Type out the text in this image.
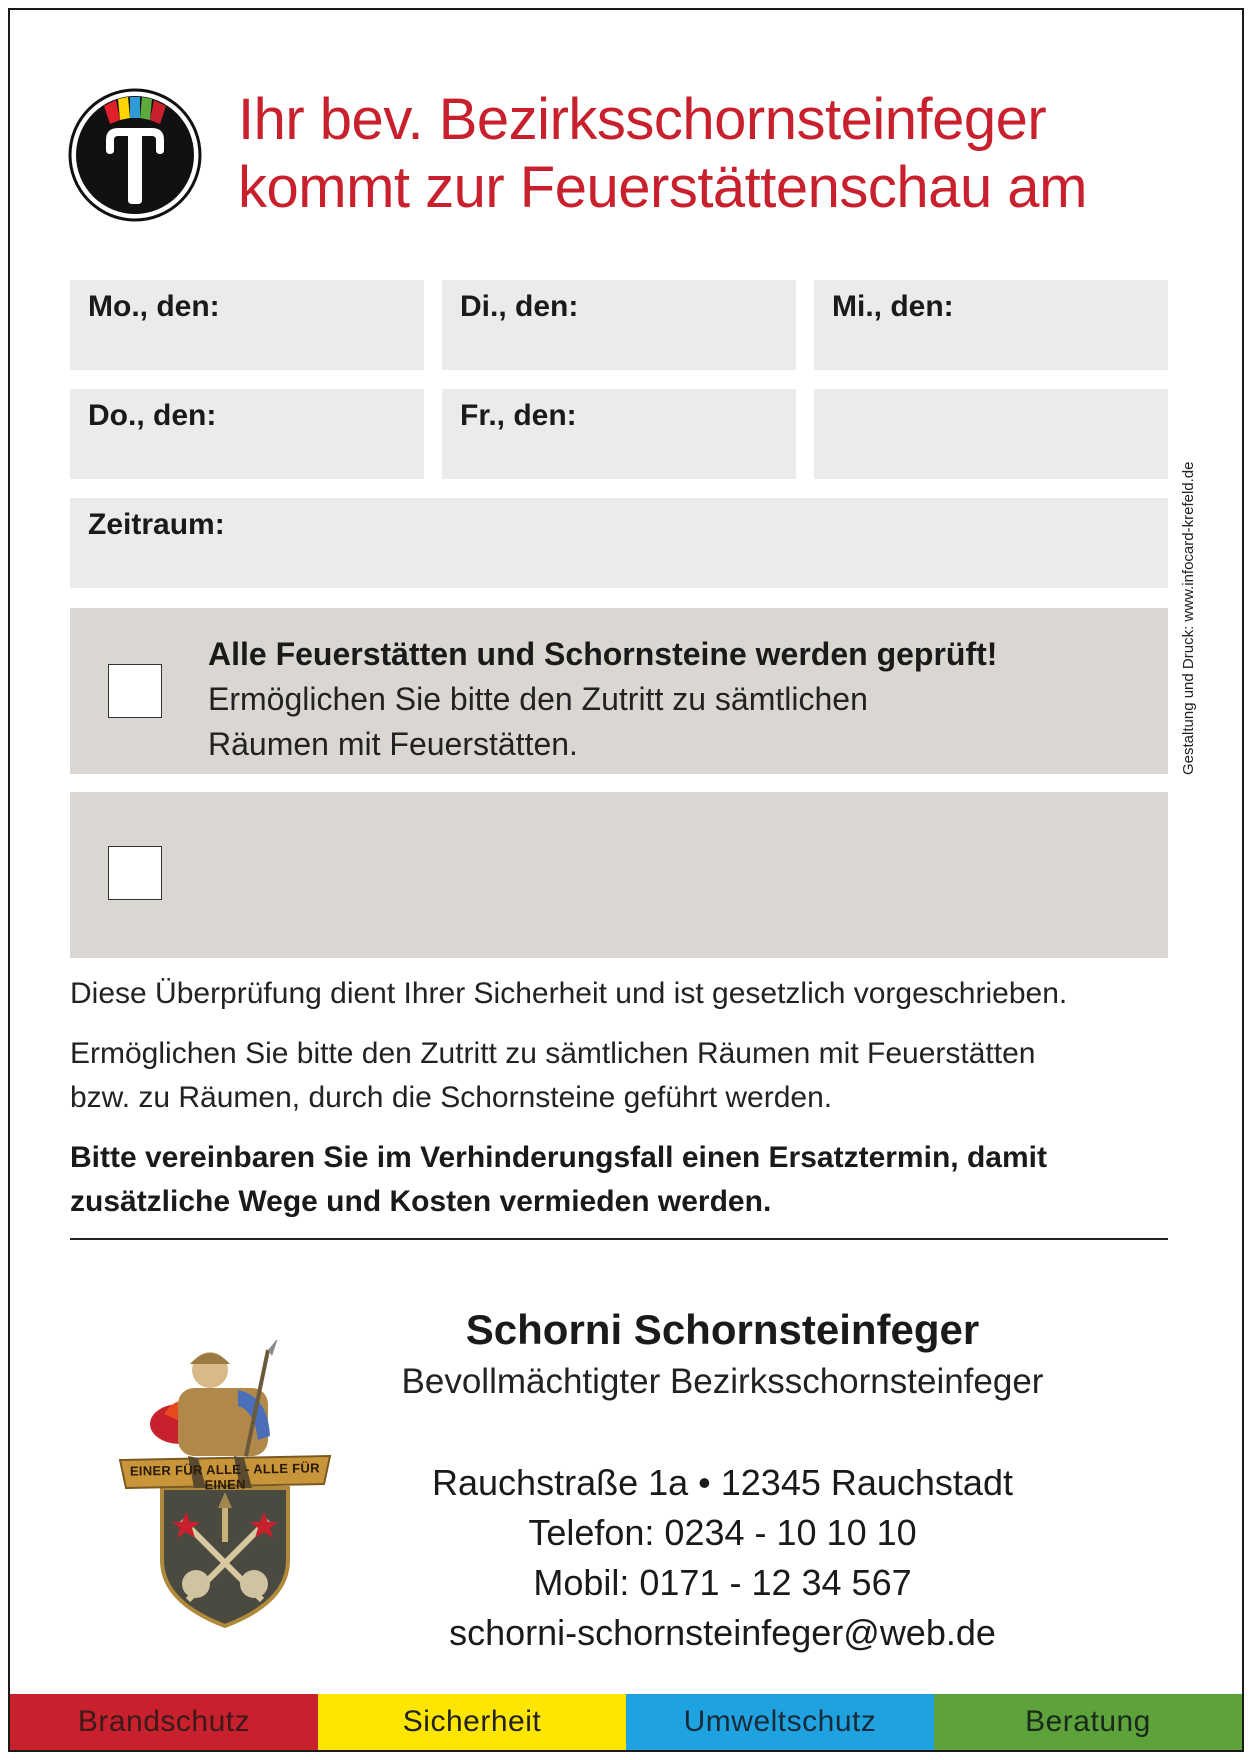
Ihr bev. Bezirksschornsteinfeger
kommt zur Feuerstättenschau am
Mo., den:	Di., den:	Mi., den:
Do., den:	Fr., den:
Zeitraum:
Alle Feuerstätten und Schornsteine werden geprüft!
Ermöglichen Sie bitte den Zutritt zu sämtlichen
Räumen mit Feuerstätten.	Gestaltung und Druck: www.infocard-krefeld.de

Diese Überprüfung dient Ihrer Sicherheit und ist gesetzlich vorgeschrieben.

Ermöglichen Sie bitte den Zutritt zu sämtlichen Räumen mit Feuerstätten
bzw. zu Räumen, durch die Schornsteine geführt werden.

Bitte vereinbaren Sie im Verhinderungsfall einen Ersatztermin, damit
zusätzliche Wege und Kosten vermieden werden.

EINER FÜR ALLE - ALLE FÜR EINEN
Schorni Schornsteinfeger
Bevollmächtigter Bezirksschornsteinfeger
Rauchstraße 1a • 12345 Rauchstadt
Telefon: 0234 - 10 10 10
Mobil: 0171 - 12 34 567
schorni-schornsteinfeger@web.de
Brandschutz	Sicherheit	Umweltschutz	Beratung
